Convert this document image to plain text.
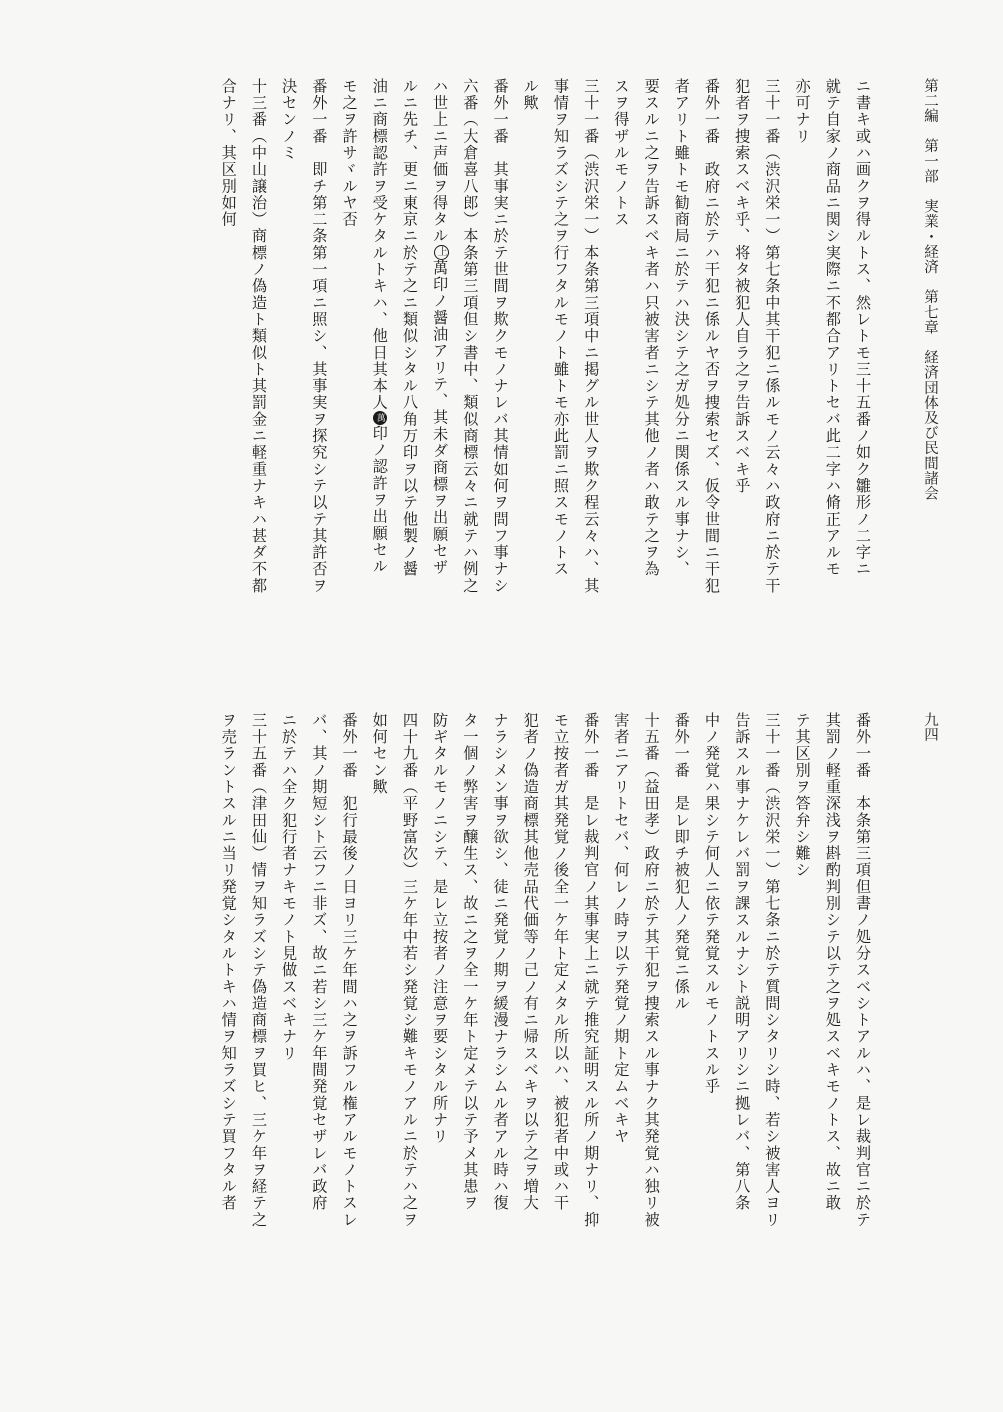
第二編　第一部　実業・経済　第七章　経済団体及び民間諸会
九四
ニ書キ或ハ画クヲ得ルトス、然レトモ三十五番ノ如ク雛形ノ二字ニ
就テ自家ノ商品ニ関シ実際ニ不都合アリトセバ此二字ハ脩正アルモ
亦可ナリ
三十一番（渋沢栄一）第七条中其干犯ニ係ルモノ云々ハ政府ニ於テ干
犯者ヲ捜索スベキ乎、将タ被犯人自ラ之ヲ告訴スベキ乎
番外一番　政府ニ於テハ干犯ニ係ルヤ否ヲ捜索セズ、仮令世間ニ干犯
者アリト雖トモ勧商局ニ於テハ決シテ之ガ処分ニ関係スル事ナシ、
要スルニ之ヲ告訴スベキ者ハ只被害者ニシテ其他ノ者ハ敢テ之ヲ為
スヲ得ザルモノトス
三十一番（渋沢栄一）本条第三項中ニ掲グル世人ヲ欺ク程云々ハ、其
事情ヲ知ラズシテ之ヲ行フタルモノト雖トモ亦此罰ニ照スモノトス
ル歟
番外一番　其事実ニ於テ世間ヲ欺クモノナレバ其情如何ヲ問フ事ナシ
六番（大倉喜八郎）本条第三項但シ書中、類似商標云々ニ就テハ例之
ハ世上ニ声価ヲ得タル上萬印ノ醤油アリテ、其未ダ商標ヲ出願セザ
ルニ先チ、更ニ東京ニ於テ之ニ類似シタル八角万印ヲ以テ他製ノ醤
油ニ商標認許ヲ受ケタルトキハ、他日其本人萬印ノ認許ヲ出願セル
モ之ヲ許サヾルヤ否
番外一番　即チ第二条第一項ニ照シ、其事実ヲ探究シテ以テ其許否ヲ
決センノミ
十三番（中山譲治）商標ノ偽造ト類似ト其罰金ニ軽重ナキハ甚ダ不都
合ナリ、其区別如何
番外一番　本条第三項但書ノ処分スベシトアルハ、是レ裁判官ニ於テ
其罰ノ軽重深浅ヲ斟酌判別シテ以テ之ヲ処スベキモノトス、故ニ敢
テ其区別ヲ答弁シ難シ
三十一番（渋沢栄一）第七条ニ於テ質問シタリシ時、若シ被害人ヨリ
告訴スル事ナケレバ罰ヲ課スルナシト説明アリシニ拠レバ、第八条
中ノ発覚ハ果シテ何人ニ依テ発覚スルモノトスル乎
番外一番　是レ即チ被犯人ノ発覚ニ係ル
十五番（益田孝）政府ニ於テ其干犯ヲ捜索スル事ナク其発覚ハ独リ被
害者ニアリトセバ、何レノ時ヲ以テ発覚ノ期ト定ムベキヤ
番外一番　是レ裁判官ノ其事実上ニ就テ推究証明スル所ノ期ナリ、抑
モ立按者ガ其発覚ノ後全一ケ年ト定メタル所以ハ、被犯者中或ハ干
犯者ノ偽造商標其他売品代価等ノ己ノ有ニ帰スベキヲ以テ之ヲ増大
ナラシメン事ヲ欲シ、徒ニ発覚ノ期ヲ緩漫ナラシムル者アル時ハ復
タ一個ノ弊害ヲ醸生ス、故ニ之ヲ全一ケ年ト定メテ以テ予メ其患ヲ
防ギタルモノニシテ、是レ立按者ノ注意ヲ要シタル所ナリ
四十九番（平野富次）三ケ年中若シ発覚シ難キモノアルニ於テハ之ヲ
如何セン歟
番外一番　犯行最後ノ日ヨリ三ケ年間ハ之ヲ訴フル権アルモノトスレ
バ、其ノ期短シト云フニ非ズ、故ニ若シ三ケ年間発覚セザレバ政府
ニ於テハ全ク犯行者ナキモノト見做スベキナリ
三十五番（津田仙）情ヲ知ラズシテ偽造商標ヲ買ヒ、三ケ年ヲ経テ之
ヲ売ラントスルニ当リ発覚シタルトキハ情ヲ知ラズシテ買フタル者
